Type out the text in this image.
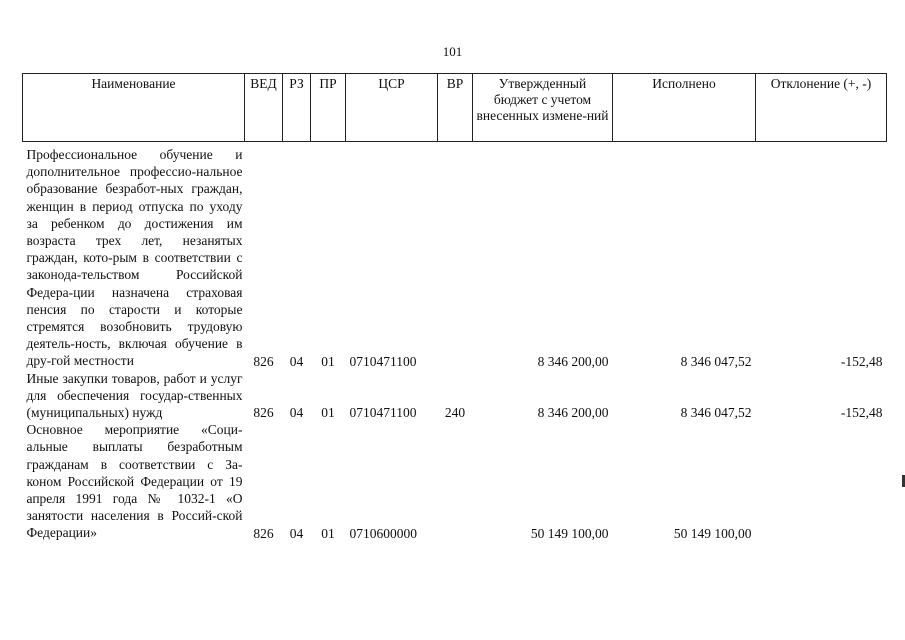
101
Наименование	ВЕД	РЗ	ПР	ЦСР	ВР	Утвержденный бюджет с учетом внесенных измене-ний	Исполнено	Отклонение (+, -)
Профессиональное обучение и дополнительное профессио-нальное образование безработ-ных граждан, женщин в период отпуска по уходу за ребенком до достижения им возраста трех лет, незанятых граждан, кото-рым в соответствии с законода-тельством Российской Федера-ции назначена страховая пенсия по старости и которые стремятся возобновить трудовую деятель-ность, включая обучение в дру-гой местности	826	04	01	0710471100		8 346 200,00	8 346 047,52	-152,48
Иные закупки товаров, работ и услуг для обеспечения государ-ственных (муниципальных) нужд	826	04	01	0710471100	240	8 346 200,00	8 346 047,52	-152,48
Основное мероприятие «Соци-альные выплаты безработным гражданам в соответствии с За-коном Российской Федерации от 19 апреля 1991 года № 1032-1 «О занятости населения в Россий-ской Федерации»	826	04	01	0710600000		50 149 100,00	50 149 100,00	
